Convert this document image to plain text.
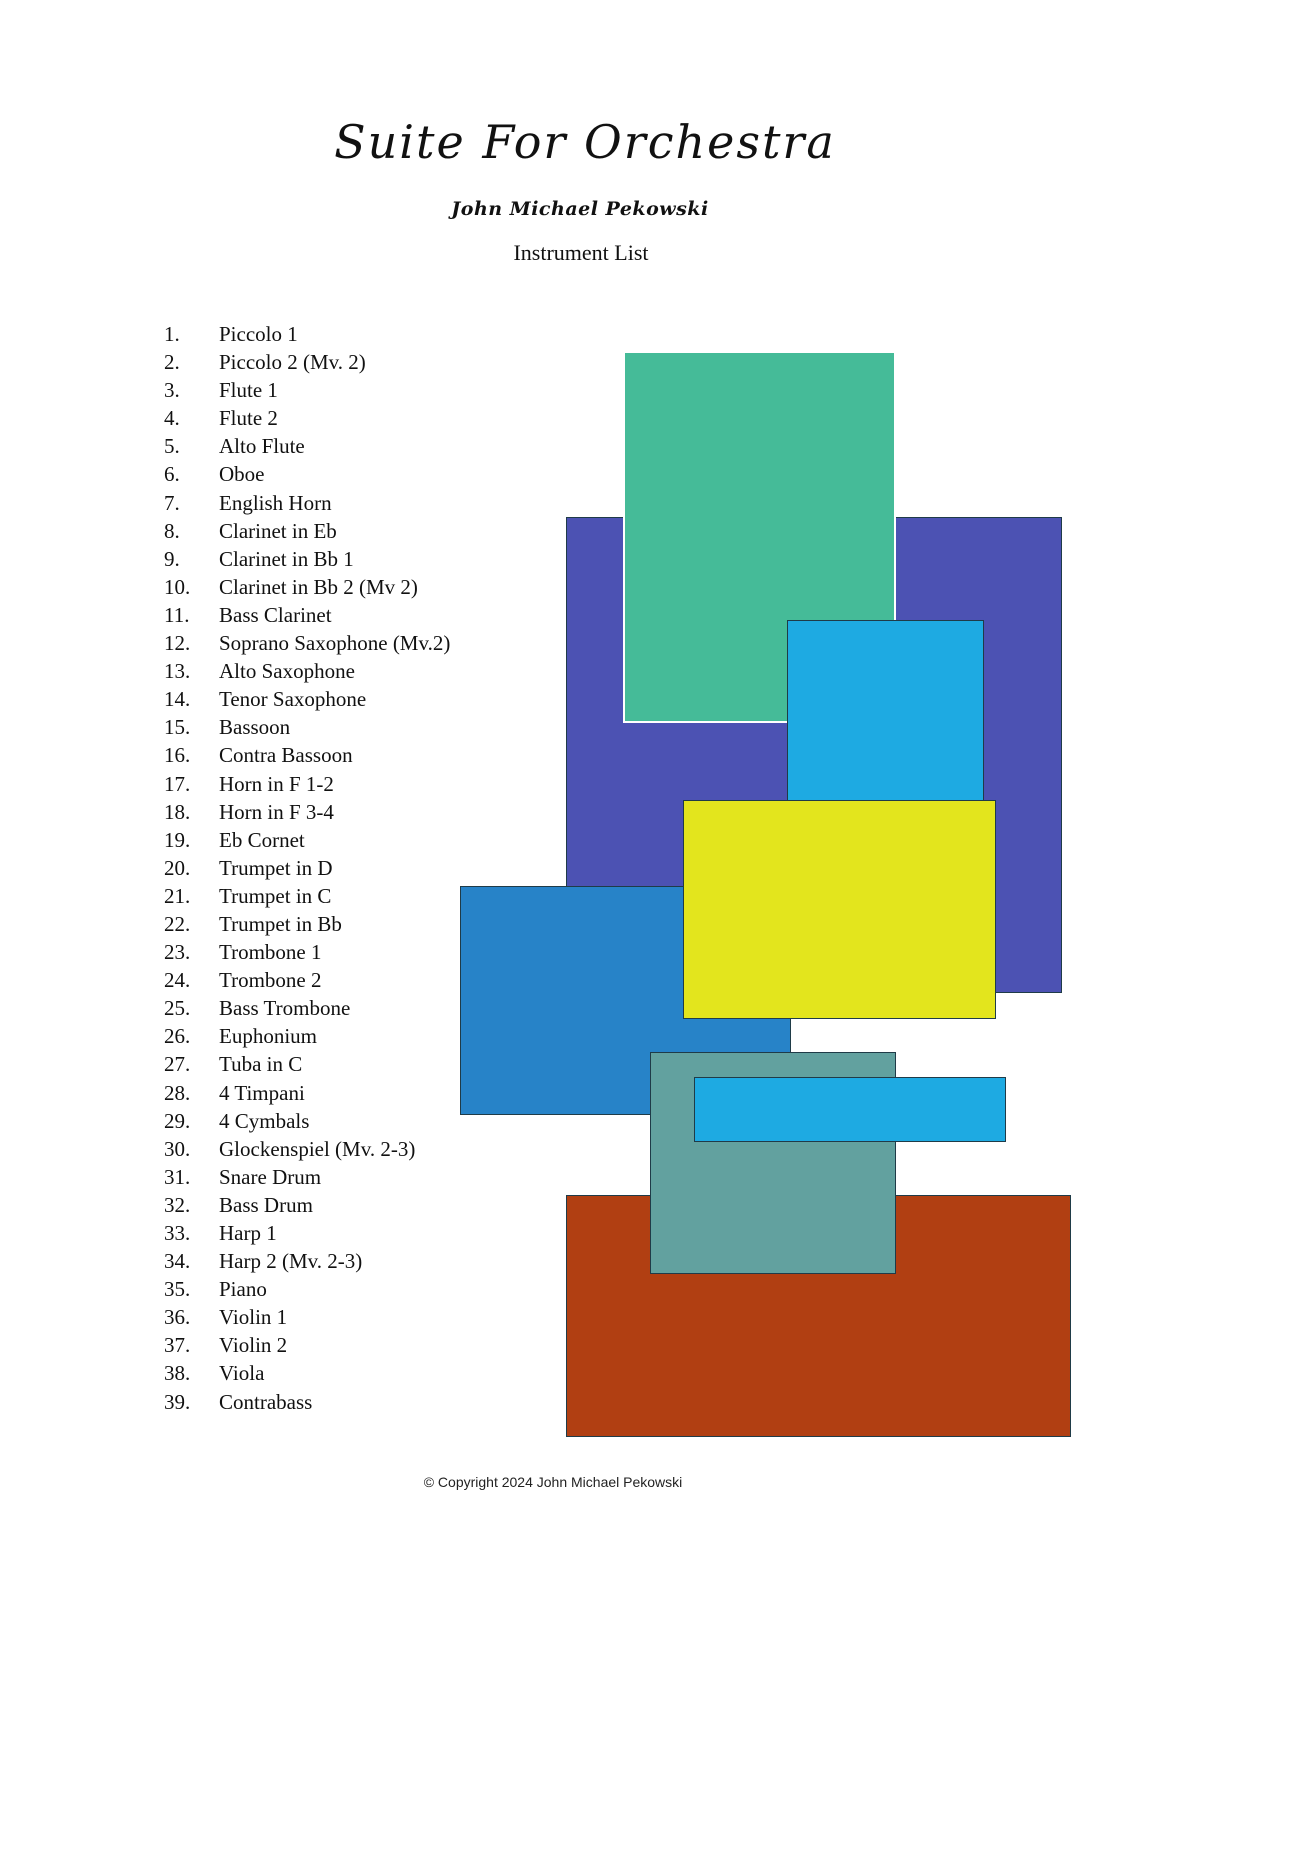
Suite For Orchestra
John Michael Pekowski
Instrument List
1.	Piccolo 1
2.	Piccolo 2 (Mv. 2)
3.	Flute 1
4.	Flute 2
5.	Alto Flute
6.	Oboe
7.	English Horn
8.	Clarinet in Eb
9.	Clarinet in Bb 1
10.	Clarinet in Bb 2 (Mv 2)
11.	Bass Clarinet
12.	Soprano Saxophone (Mv.2)
13.	Alto Saxophone
14.	Tenor Saxophone
15.	Bassoon
16.	Contra Bassoon
17.	Horn in F 1-2
18.	Horn in F 3-4
19.	Eb Cornet
20.	Trumpet in D
21.	Trumpet in C
22.	Trumpet in Bb
23.	Trombone 1
24.	Trombone 2
25.	Bass Trombone
26.	Euphonium
27.	Tuba in C
28.	4 Timpani
29.	4 Cymbals
30.	Glockenspiel (Mv. 2-3)
31.	Snare Drum
32.	Bass Drum
33.	Harp 1
34.	Harp 2 (Mv. 2-3)
35.	Piano
36.	Violin 1
37.	Violin 2
38.	Viola
39.	Contrabass
© Copyright 2024 John Michael Pekowski
